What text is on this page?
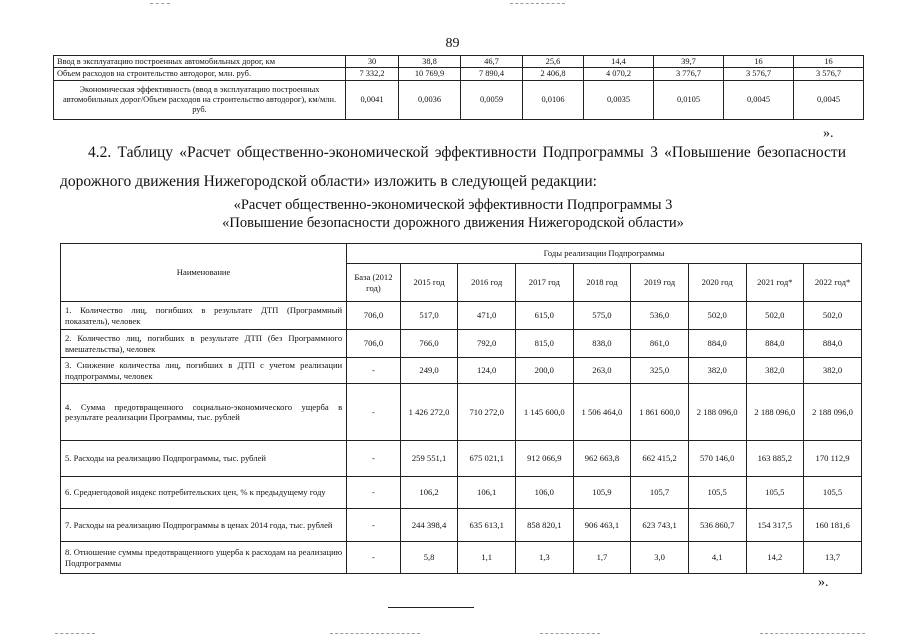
89
Ввод в эксплуатацию построенных автомобильных дорог, км	30	38,8	46,7	25,6	14,4	39,7	16	16
Объем расходов на строительство автодорог, млн. руб.	7 332,2	10 769,9	7 890,4	2 406,8	4 070,2	3 776,7	3 576,7	3 576,7
Экономическая эффективность (ввод в эксплуатацию построенных автомобильных дорог/Объем расходов на строительство автодорог), км/млн. руб.	0,0041	0,0036	0,0059	0,0106	0,0035	0,0105	0,0045	0,0045
».
4.2. Таблицу «Расчет общественно-экономической эффективности Подпрограммы 3 «Повышение безопасности
дорожного движения Нижегородской области» изложить в следующей редакции:
«Расчет общественно-экономической эффективности Подпрограммы 3
«Повышение безопасности дорожного движения Нижегородской области»
Наименование	Годы реализации Подпрограммы								
	База (2012 год)	2015 год	2016 год	2017 год	2018 год	2019 год	2020 год	2021 год*	2022 год*
1. Количество лиц, погибших в результате ДТП (Программный показатель), человек	706,0	517,0	471,0	615,0	575,0	536,0	502,0	502,0	502,0
2. Количество лиц, погибших в результате ДТП (без Программного вмешательства), человек	706,0	766,0	792,0	815,0	838,0	861,0	884,0	884,0	884,0
3. Снижение количества лиц, погибших в ДТП с учетом реализации подпрограммы, человек	-	249,0	124,0	200,0	263,0	325,0	382,0	382,0	382,0
4. Сумма предотвращенного социально-экономического ущерба в результате реализации Программы, тыс. рублей	-	1 426 272,0	710 272,0	1 145 600,0	1 506 464,0	1 861 600,0	2 188 096,0	2 188 096,0	2 188 096,0
5. Расходы на реализацию Подпрограммы, тыс. рублей	-	259 551,1	675 021,1	912 066,9	962 663,8	662 415,2	570 146,0	163 885,2	170 112,9
6. Среднегодовой индекс потребительских цен, % к предыдущему году	-	106,2	106,1	106,0	105,9	105,7	105,5	105,5	105,5
7. Расходы на реализацию Подпрограммы в ценах 2014 года, тыс. рублей	-	244 398,4	635 613,1	858 820,1	906 463,1	623 743,1	536 860,7	154 317,5	160 181,6
8. Отношение суммы предотвращенного ущерба к расходам на реализацию Подпрограммы	-	5,8	1,1	1,3	1,7	3,0	4,1	14,2	13,7
».
